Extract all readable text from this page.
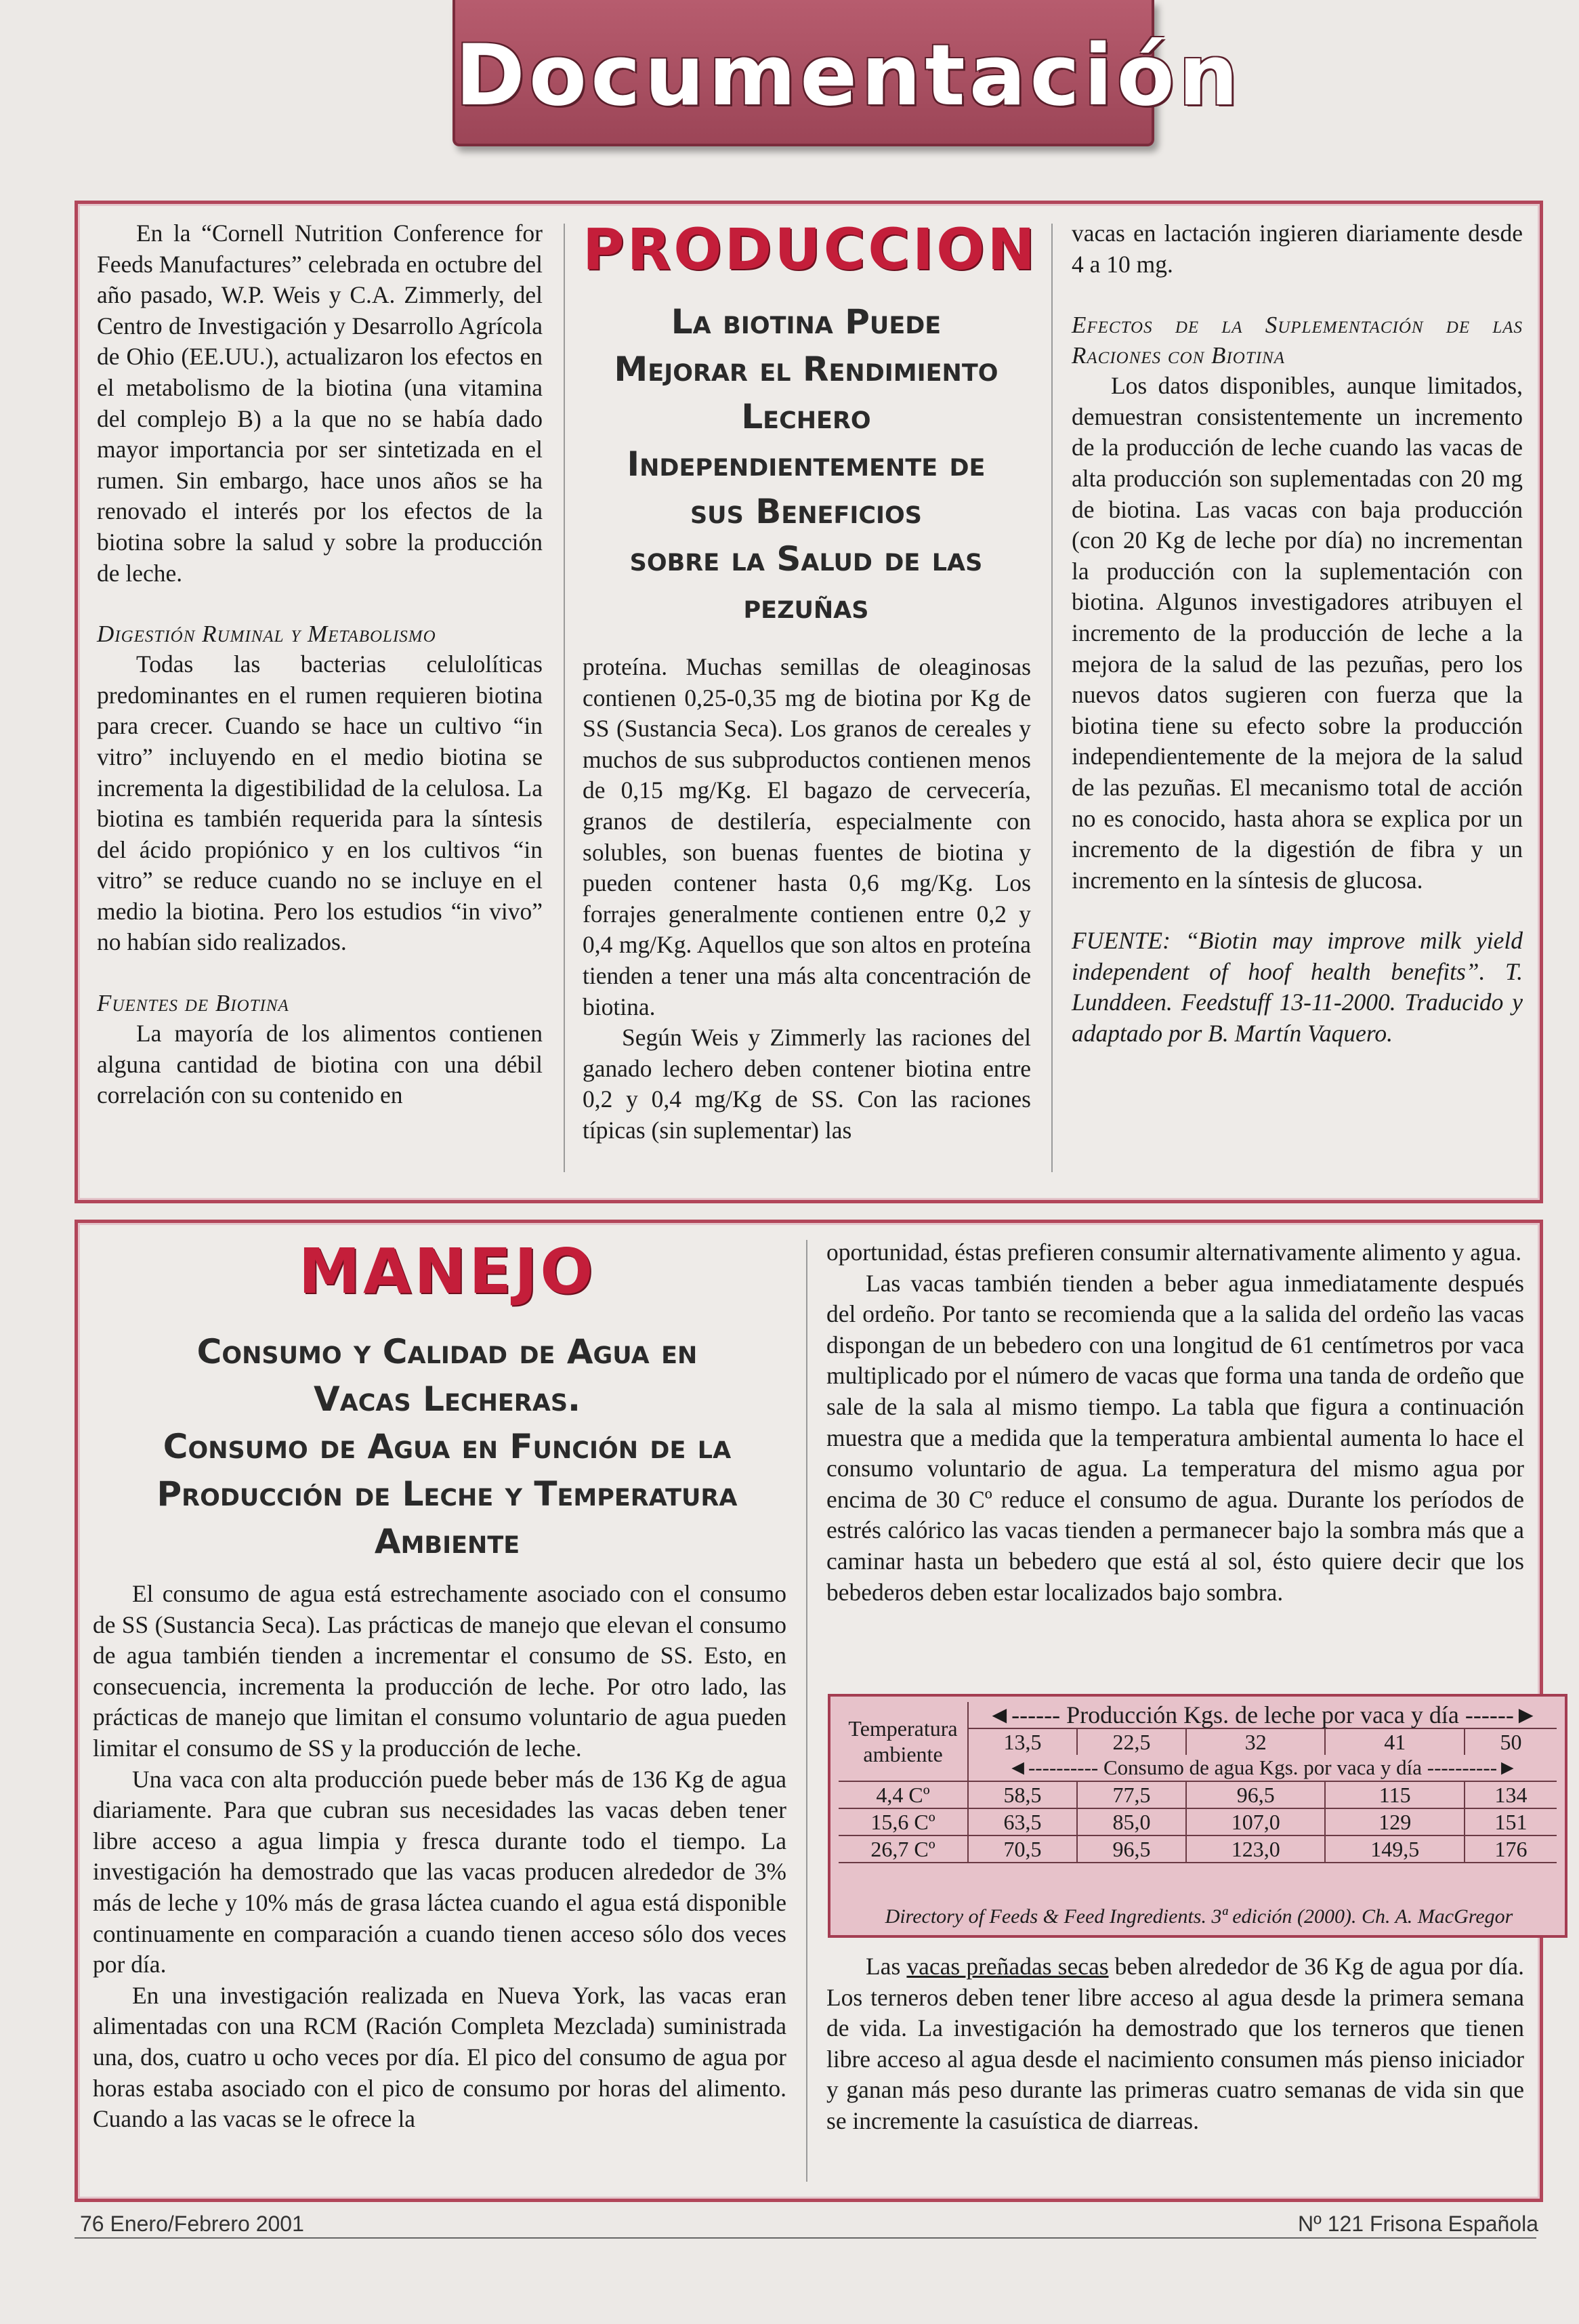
Documentación

En la “Cornell Nutrition Conference for Feeds Manufactures” celebrada en octubre del año pasado, W.P. Weis y C.A. Zimmerly, del Centro de Investigación y Desarrollo Agrícola de Ohio (EE.UU.), actualizaron los efectos en el metabolismo de la biotina (una vitamina del complejo B) a la que no se había dado mayor importancia por ser sintetizada en el rumen. Sin embargo, hace unos años se ha renovado el interés por los efectos de la biotina sobre la salud y sobre la producción de leche.

Digestión Ruminal y Metabolismo

Todas las bacterias celulolíticas predominantes en el rumen requieren biotina para crecer. Cuando se hace un cultivo “in vitro” incluyendo en el medio biotina se incrementa la digestibilidad de la celulosa. La biotina es también requerida para la síntesis del ácido propiónico y en los cultivos “in vitro” se reduce cuando no se incluye en el medio la biotina. Pero los estudios “in vivo” no habían sido realizados.

Fuentes de Biotina

La mayoría de los alimentos contienen alguna cantidad de biotina con una débil correlación con su contenido en

PRODUCCION
La biotina Puede
Mejorar el Rendimiento
Lechero
Independientemente de
sus Beneficios
sobre la Salud de las
pezuñas

proteína. Muchas semillas de oleaginosas contienen 0,25-0,35 mg de biotina por Kg de SS (Sustancia Seca). Los granos de cereales y muchos de sus subproductos contienen menos de 0,15 mg/Kg. El bagazo de cervecería, granos de destilería, especialmente con solubles, son buenas fuentes de biotina y pueden contener hasta 0,6 mg/Kg. Los forrajes generalmente contienen entre 0,2 y 0,4 mg/Kg. Aquellos que son altos en proteína tienden a tener una más alta concentración de biotina.

Según Weis y Zimmerly las raciones del ganado lechero deben contener biotina entre 0,2 y 0,4 mg/Kg de SS. Con las raciones típicas (sin suplementar) las

vacas en lactación ingieren diariamente desde 4 a 10 mg.

Efectos de la Suplementación de las Raciones con Biotina

Los datos disponibles, aunque limitados, demuestran consistentemente un incremento de la producción de leche cuando las vacas de alta producción son suplementadas con 20 mg de biotina. Las vacas con baja producción (con 20 Kg de leche por día) no incrementan la producción con la suplementación con biotina. Algunos investigadores atribuyen el incremento de la producción de leche a la mejora de la salud de las pezuñas, pero los nuevos datos sugieren con fuerza que la biotina tiene su efecto sobre la producción independientemente de la mejora de la salud de las pezuñas. El mecanismo total de acción no es conocido, hasta ahora se explica por un incremento de la digestión de fibra y un incremento en la síntesis de glucosa.

FUENTE: “Biotin may improve milk yield independent of hoof health benefits”. T. Lunddeen. Feedstuff 13-11-2000. Traducido y adaptado por B. Martín Vaquero.

MANEJO
Consumo y Calidad de Agua en
Vacas Lecheras.
Consumo de Agua en Función de la
Producción de Leche y Temperatura
Ambiente

El consumo de agua está estrechamente asociado con el consumo de SS (Sustancia Seca). Las prácticas de manejo que elevan el consumo de agua también tienden a incrementar el consumo de SS. Esto, en consecuencia, incrementa la producción de leche. Por otro lado, las prácticas de manejo que limitan el consumo voluntario de agua pueden limitar el consumo de SS y la producción de leche.

Una vaca con alta producción puede beber más de 136 Kg de agua diariamente. Para que cubran sus necesidades las vacas deben tener libre acceso a agua limpia y fresca durante todo el tiempo. La investigación ha demostrado que las vacas producen alrededor de 3% más de leche y 10% más de grasa láctea cuando el agua está disponible continuamente en comparación a cuando tienen acceso sólo dos veces por día.

En una investigación realizada en Nueva York, las vacas eran alimentadas con una RCM (Ración Completa Mezclada) suministrada una, dos, cuatro u ocho veces por día. El pico del consumo de agua por horas estaba asociado con el pico de consumo por horas del alimento. Cuando a las vacas se le ofrece la

oportunidad, éstas prefieren consumir alternativamente alimento y agua.

Las vacas también tienden a beber agua inmediatamente después del ordeño. Por tanto se recomienda que a la salida del ordeño las vacas dispongan de un bebedero con una longitud de 61 centímetros por vaca multiplicado por el número de vacas que forma una tanda de ordeño que sale de la sala al mismo tiempo. La tabla que figura a continuación muestra que a medida que la temperatura ambiental aumenta lo hace el consumo voluntario de agua. La temperatura del mismo agua por encima de 30 Cº reduce el consumo de agua. Durante los períodos de estrés calórico las vacas tienden a permanecer bajo la sombra más que a caminar hasta un bebedero que está al sol, ésto quiere decir que los bebederos deben estar localizados bajo sombra.

Temperatura ambiente	◄------ Producción Kgs. de leche por vaca y día ------►				
	13,5	22,5	32	41	50
	◄---------- Consumo de agua Kgs. por vaca y día ----------►				
4,4 Cº	58,5	77,5	96,5	115	134
15,6 Cº	63,5	85,0	107,0	129	151
26,7 Cº	70,5	96,5	123,0	149,5	176
Directory of Feeds & Feed Ingredients. 3ª edición (2000). Ch. A. MacGregor

Las vacas preñadas secas beben alrededor de 36 Kg de agua por día. Los terneros deben tener libre acceso al agua desde la primera semana de vida. La investigación ha demostrado que los terneros que tienen libre acceso al agua desde el nacimiento consumen más pienso iniciador y ganan más peso durante las primeras cuatro semanas de vida sin que se incremente la casuística de diarreas.

76 Enero/Febrero 2001	Nº 121 Frisona Española
